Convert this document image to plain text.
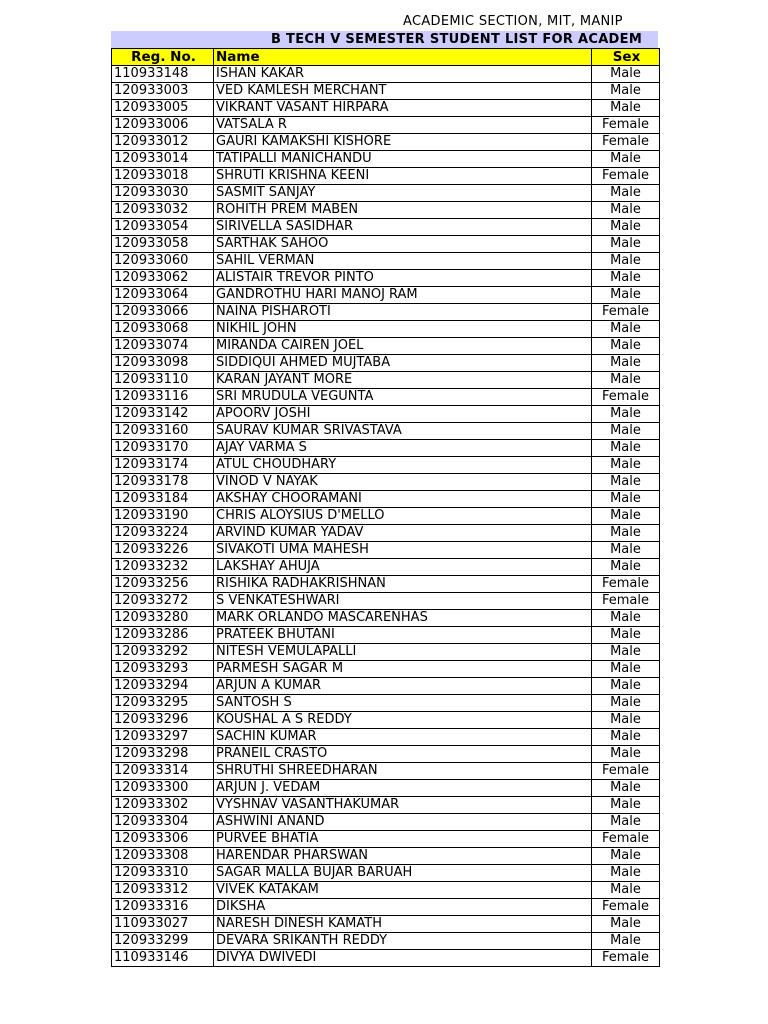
ACADEMIC SECTION, MIT, MANIP
B TECH V SEMESTER STUDENT LIST FOR ACADEM
Reg. No.	Name	Sex
110933148	ISHAN KAKAR	Male
120933003	VED KAMLESH MERCHANT	Male
120933005	VIKRANT VASANT HIRPARA	Male
120933006	VATSALA R	Female
120933012	GAURI KAMAKSHI KISHORE	Female
120933014	TATIPALLI MANICHANDU	Male
120933018	SHRUTI KRISHNA KEENI	Female
120933030	SASMIT SANJAY	Male
120933032	ROHITH PREM MABEN	Male
120933054	SIRIVELLA SASIDHAR	Male
120933058	SARTHAK SAHOO	Male
120933060	SAHIL VERMAN	Male
120933062	ALISTAIR TREVOR PINTO	Male
120933064	GANDROTHU HARI MANOJ RAM	Male
120933066	NAINA PISHAROTI	Female
120933068	NIKHIL JOHN	Male
120933074	MIRANDA CAIREN JOEL	Male
120933098	SIDDIQUI AHMED MUJTABA	Male
120933110	KARAN JAYANT MORE	Male
120933116	SRI MRUDULA VEGUNTA	Female
120933142	APOORV JOSHI	Male
120933160	SAURAV KUMAR SRIVASTAVA	Male
120933170	AJAY VARMA S	Male
120933174	ATUL CHOUDHARY	Male
120933178	VINOD V NAYAK	Male
120933184	AKSHAY CHOORAMANI	Male
120933190	CHRIS ALOYSIUS D'MELLO	Male
120933224	ARVIND KUMAR YADAV	Male
120933226	SIVAKOTI UMA MAHESH	Male
120933232	LAKSHAY AHUJA	Male
120933256	RISHIKA RADHAKRISHNAN	Female
120933272	S VENKATESHWARI	Female
120933280	MARK ORLANDO MASCARENHAS	Male
120933286	PRATEEK BHUTANI	Male
120933292	NITESH VEMULAPALLI	Male
120933293	PARMESH SAGAR M	Male
120933294	ARJUN A KUMAR	Male
120933295	SANTOSH S	Male
120933296	KOUSHAL A S REDDY	Male
120933297	SACHIN KUMAR	Male
120933298	PRANEIL CRASTO	Male
120933314	SHRUTHI SHREEDHARAN	Female
120933300	ARJUN J. VEDAM	Male
120933302	VYSHNAV VASANTHAKUMAR	Male
120933304	ASHWINI ANAND	Male
120933306	PURVEE BHATIA	Female
120933308	HARENDAR PHARSWAN	Male
120933310	SAGAR MALLA BUJAR BARUAH	Male
120933312	VIVEK KATAKAM	Male
120933316	DIKSHA	Female
110933027	NARESH DINESH KAMATH	Male
120933299	DEVARA SRIKANTH REDDY	Male
110933146	DIVYA DWIVEDI	Female
